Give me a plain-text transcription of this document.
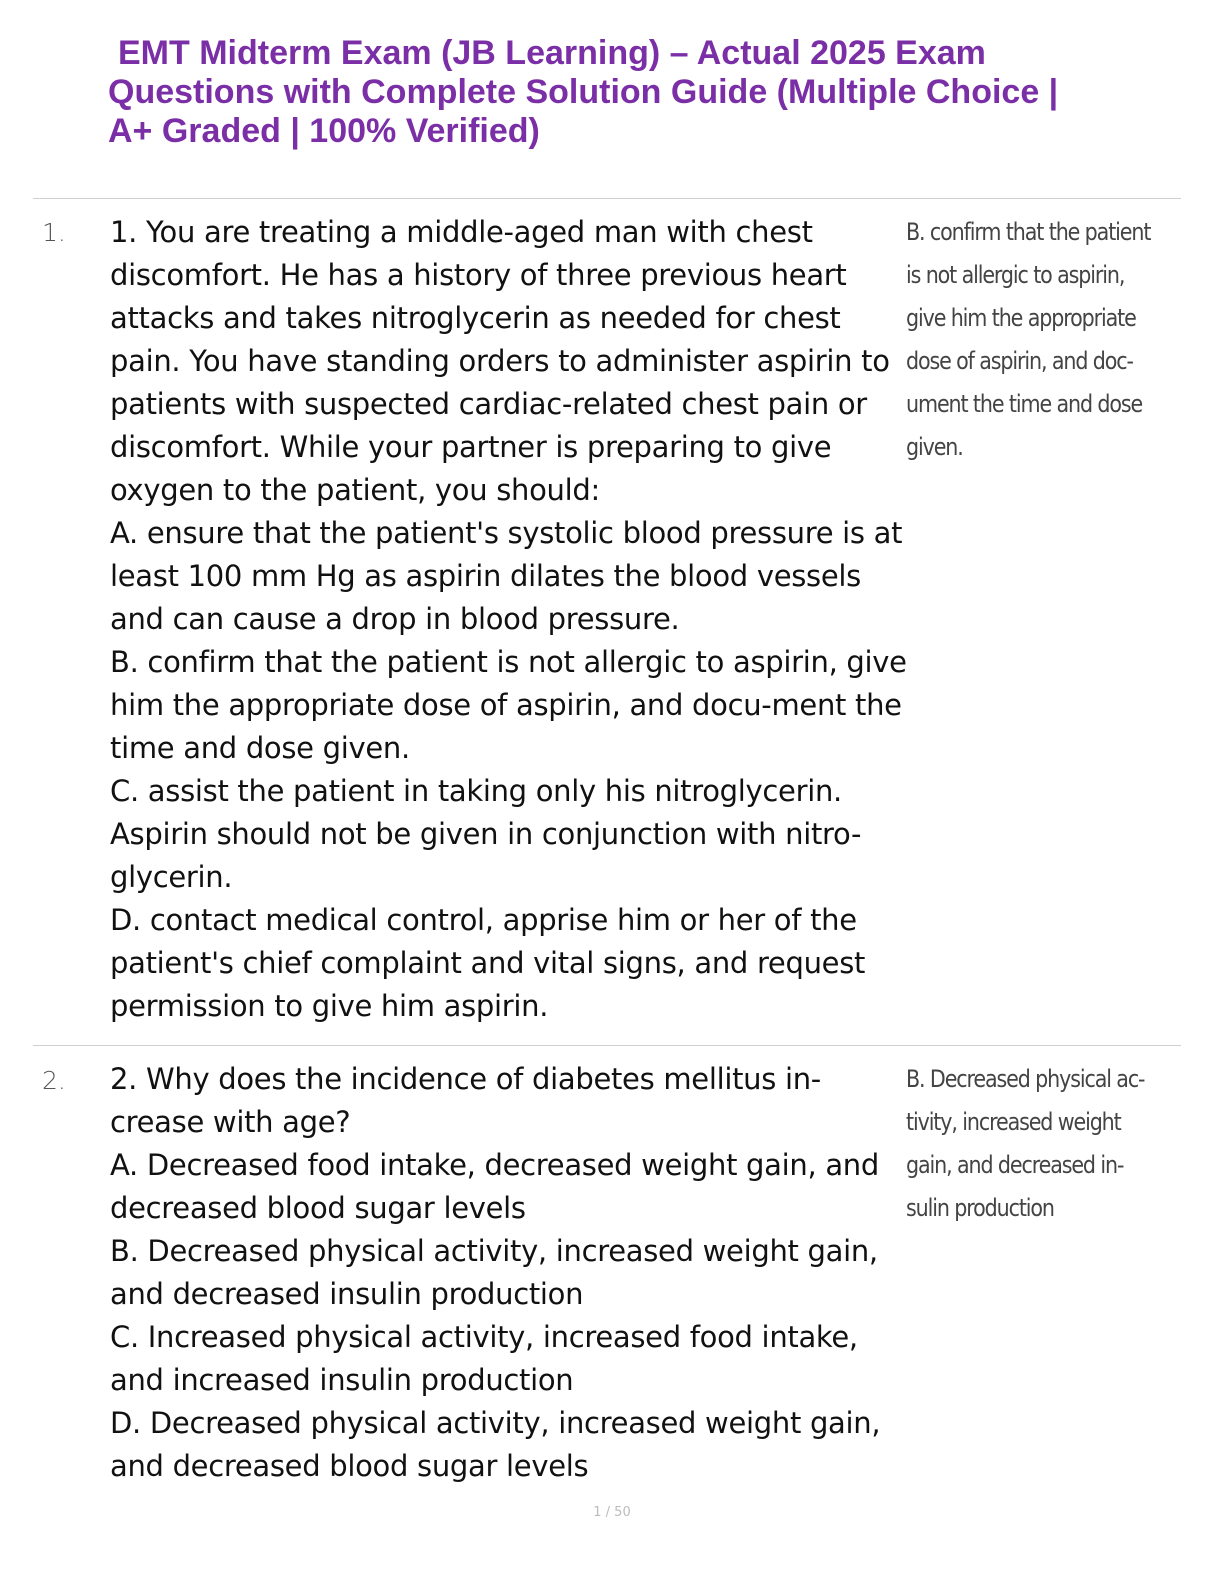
EMT Midterm Exam (JB Learning) – Actual 2025 Exam
Questions with Complete Solution Guide (Multiple Choice |
A+ Graded | 100% Verified)
1. 1. You are treating a middle-aged man with chest discomfort. He has a history of three previous heart attacks and takes nitroglycerin as needed for chest pain. You have standing orders to administer aspirin to patients with suspected cardiac-related chest pain or discomfort. While your partner is preparing to give oxygen to the patient, you should:

A. ensure that the patient's systolic blood pressure is at least 100 mm Hg as aspirin dilates the blood vessels and can cause a drop in blood pressure.

B. confirm that the patient is not allergic to aspirin, give him the appropriate dose of aspirin, and docu-ment the time and dose given.

C. assist the patient in taking only his nitroglycerin. Aspirin should not be given in conjunction with nitro-glycerin.

D. contact medical control, apprise him or her of the patient's chief complaint and vital signs, and request permission to give him aspirin.

B. confirm that the patient is not allergic to aspirin, give him the appropriate dose of aspirin, and doc-ument the time and dose given.
2. 2. Why does the incidence of diabetes mellitus in-crease with age?

A. Decreased food intake, decreased weight gain, and decreased blood sugar levels

B. Decreased physical activity, increased weight gain, and decreased insulin production

C. Increased physical activity, increased food intake, and increased insulin production

D. Decreased physical activity, increased weight gain, and decreased blood sugar levels

B. Decreased physical ac-tivity, increased weight gain, and decreased in-sulin production
1 / 50
